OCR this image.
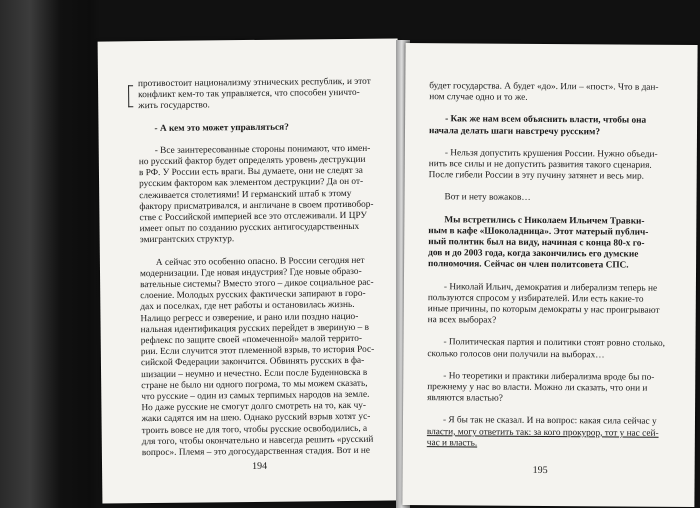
противостоит национализму этнических республик, и этот

конфликт кем-то так управляется, что способен уничто-

жить государство.

- А кем это может управляться?

- Все заинтересованные стороны понимают, что имен-

но русский фактор будет определять уровень деструкции

в РФ. У России есть враги. Вы думаете, они не следят за

русским фактором как элементом деструкции? Да он от-

слеживается столетиями! И германский штаб к этому

фактору присматривался, и англичане в своем противобор-

стве с Российской империей все это отслеживали. И ЦРУ

имеет опыт по созданию русских антигосударственных

эмигрантских структур.

А сейчас это особенно опасно. В России сегодня нет

модернизации. Где новая индустрия? Где новые образо-

вательные системы? Вместо этого – дикое социальное рас-

слоение. Молодых русских фактически запирают в горо-

дах и поселках, где нет работы и остановилась жизнь.

Налицо регресс и озверение, и рано или поздно нацио-

нальная идентификация русских перейдет в звериную – в

рефлекс по защите своей «помеченной» малой террито-

рии. Если случится этот племенной взрыв, то история Рос-

сийской Федерации закончится. Обвинять русских в фа-

шизации – неумно и нечестно. Если после Буденновска в

стране не было ни одного погрома, то мы можем сказать,

что русские – один из самых терпимых народов на земле.

Но даже русские не смогут долго смотреть на то, как чу-

жаки садятся им на шею. Однако русский взрыв хотят ус-

троить вовсе не для того, чтобы русские освободились, а

для того, чтобы окончательно и навсегда решить «русский

вопрос». Племя – это догосударственная стадия. Вот и не

194

будет государства. А будет «до». Или – «пост». Что в дан-

ном случае одно и то же.

- Как же нам всем объяснить власти, чтобы она

начала делать шаги навстречу русским?

- Нельзя допустить крушения России. Нужно объеди-

нить все силы и не допустить развития такого сценария.

После гибели России в эту пучину затянет и весь мир.

Вот и нету вожаков…

Мы встретились с Николаем Ильичем Травки-

ным в кафе «Шоколадница». Этот матерый публич-

ный политик был на виду, начиная с конца 80-х го-

дов и до 2003 года, когда закончились его думские

полномочия. Сейчас он член политсовета СПС.

- Николай Ильич, демократия и либерализм теперь не

пользуются спросом у избирателей. Или есть какие-то

иные причины, по которым демократы у нас проигрывают

на всех выборах?

- Политическая партия и политики стоят ровно столько,

сколько голосов они получили на выборах…

- Но теоретики и практики либерализма вроде бы по-

прежнему у нас во власти. Можно ли сказать, что они и

являются властью?

- Я бы так не сказал. И на вопрос: какая сила сейчас у

власти, могу ответить так: за кого прокурор, тот у нас сей-

час и власть.

195
